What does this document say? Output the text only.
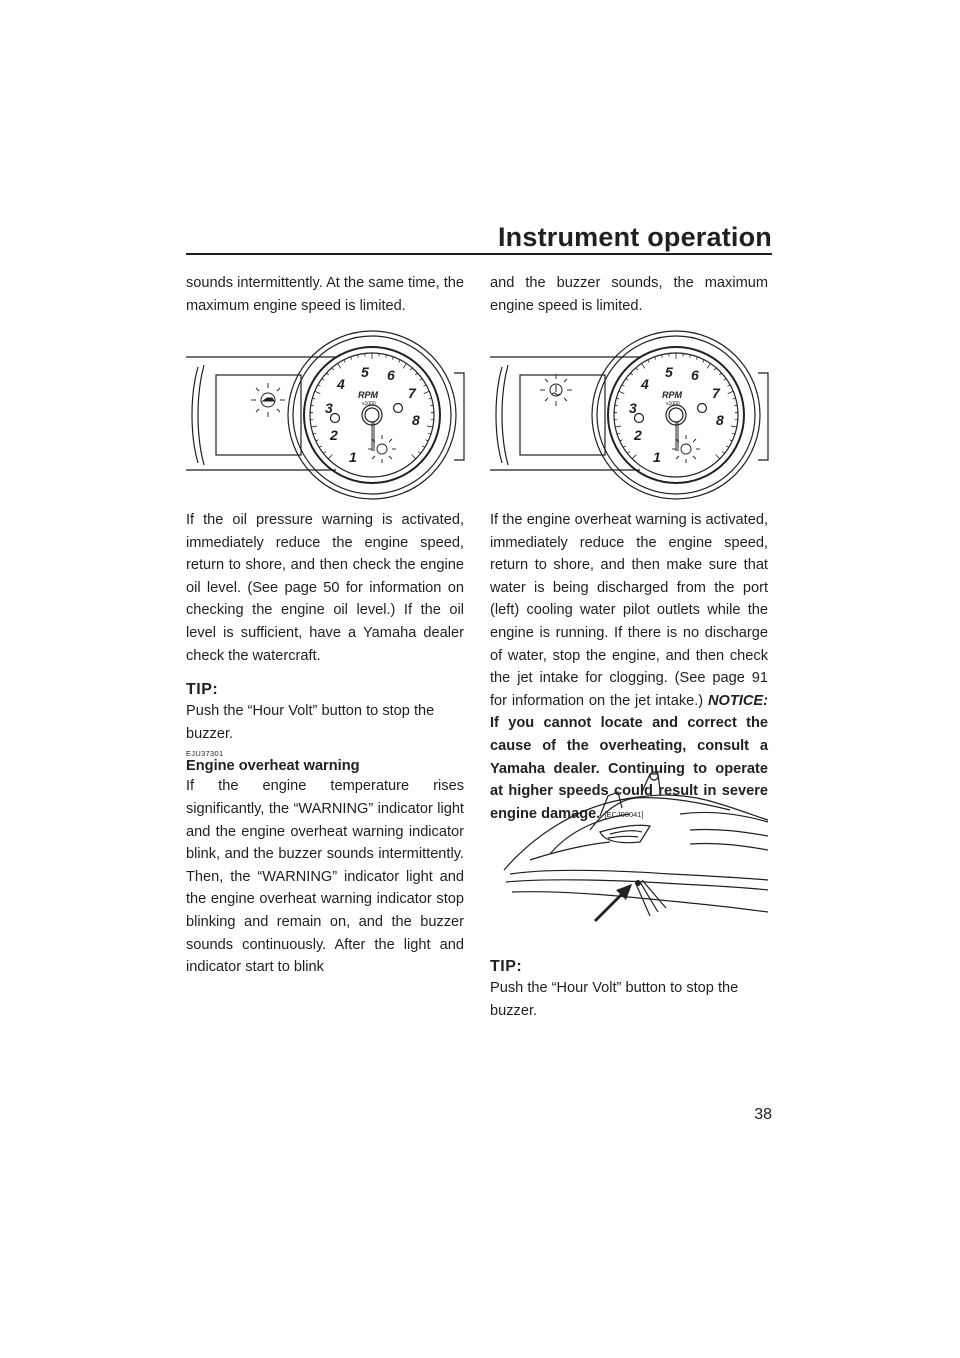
Instrument operation

sounds intermittently. At the same time, the maximum engine speed is limited.

1
2
3
4
5 6
7
8
RPM
x1000

If the oil pressure warning is activated, immediately reduce the engine speed, return to shore, and then check the engine oil level. (See page 50 for information on checking the engine oil level.) If the oil level is sufficient, have a Yamaha dealer check the watercraft.

TIP:

Push the “Hour Volt” button to stop the buzzer.

EJU37301

Engine overheat warning

If the engine temperature rises significantly, the “WARNING” indicator light and the engine overheat warning indicator blink, and the buzzer sounds intermittently. Then, the “WARNING” indicator light and the engine overheat warning indicator stop blinking and remain on, and the buzzer sounds continuously. After the light and indicator start to blink

and the buzzer sounds, the maximum engine speed is limited.

1
2
3
4
5 6
7
8
RPM
x1000

If the engine overheat warning is activated, immediately reduce the engine speed, return to shore, and then make sure that water is being discharged from the port (left) cooling water pilot outlets while the engine is running. If there is no discharge of water, stop the engine, and then check the jet intake for clogging. (See page 91 for information on the jet intake.) NOTICE: If you cannot locate and correct the cause of the overheating, consult a Yamaha dealer. Continuing to operate at higher speeds could result in severe engine damage. [ECJ00041]

TIP:

Push the “Hour Volt” button to stop the buzzer.

38
